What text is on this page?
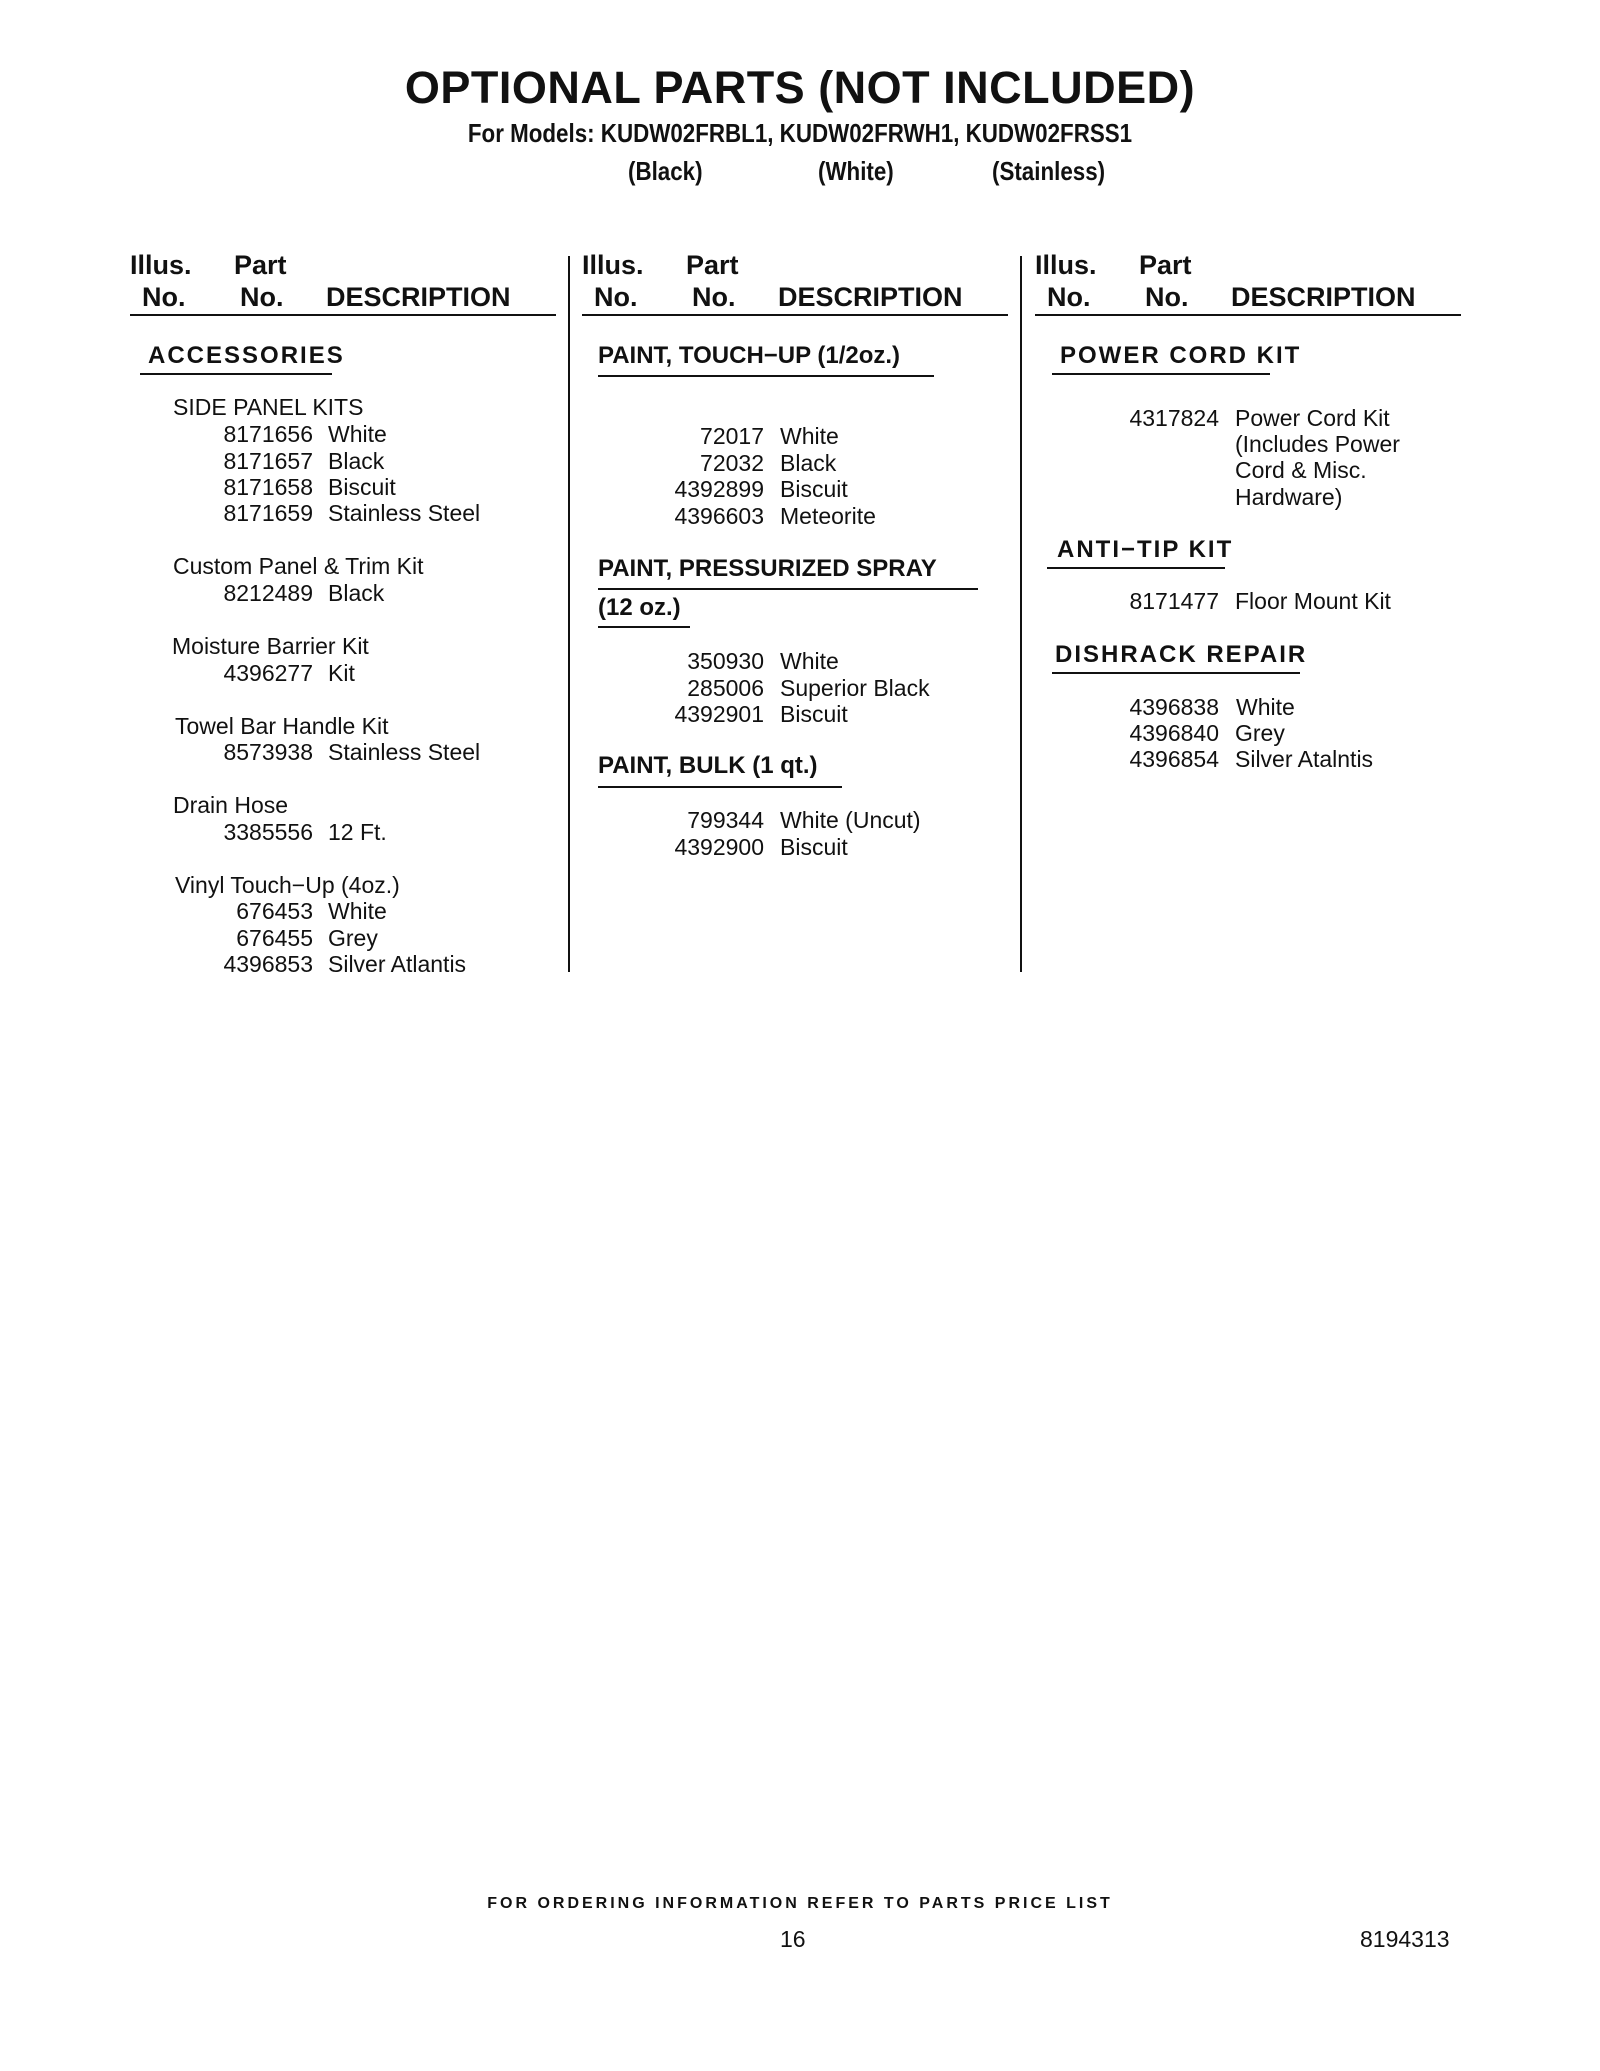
OPTIONAL PARTS (NOT INCLUDED)
For Models: KUDW02FRBL1, KUDW02FRWH1, KUDW02FRSS1
(Black)	(White)	(Stainless)
Illus. Part
No. No. DESCRIPTION
Illus. Part
No. No. DESCRIPTION
Illus. Part
No. No. DESCRIPTION
ACCESSORIES
SIDE PANEL KITS
8171656 White
8171657 Black
8171658 Biscuit
8171659 Stainless Steel
Custom Panel & Trim Kit
8212489 Black
Moisture Barrier Kit
4396277 Kit
Towel Bar Handle Kit
8573938 Stainless Steel
Drain Hose
3385556 12 Ft.
Vinyl Touch−Up (4oz.)
676453 White
676455 Grey
4396853 Silver Atlantis
PAINT, TOUCH−UP (1/2oz.)
72017 White
72032 Black
4392899 Biscuit
4396603 Meteorite
PAINT, PRESSURIZED SPRAY
(12 oz.)
350930 White
285006 Superior Black
4392901 Biscuit
PAINT, BULK (1 qt.)
799344 White (Uncut)
4392900 Biscuit
POWER CORD KIT
4317824 Power Cord Kit
(Includes Power
Cord & Misc.
Hardware)
ANTI−TIP KIT
8171477 Floor Mount Kit
DISHRACK REPAIR
4396838 White
4396840 Grey
4396854 Silver Atalntis
FOR ORDERING INFORMATION REFER TO PARTS PRICE LIST
16	8194313
